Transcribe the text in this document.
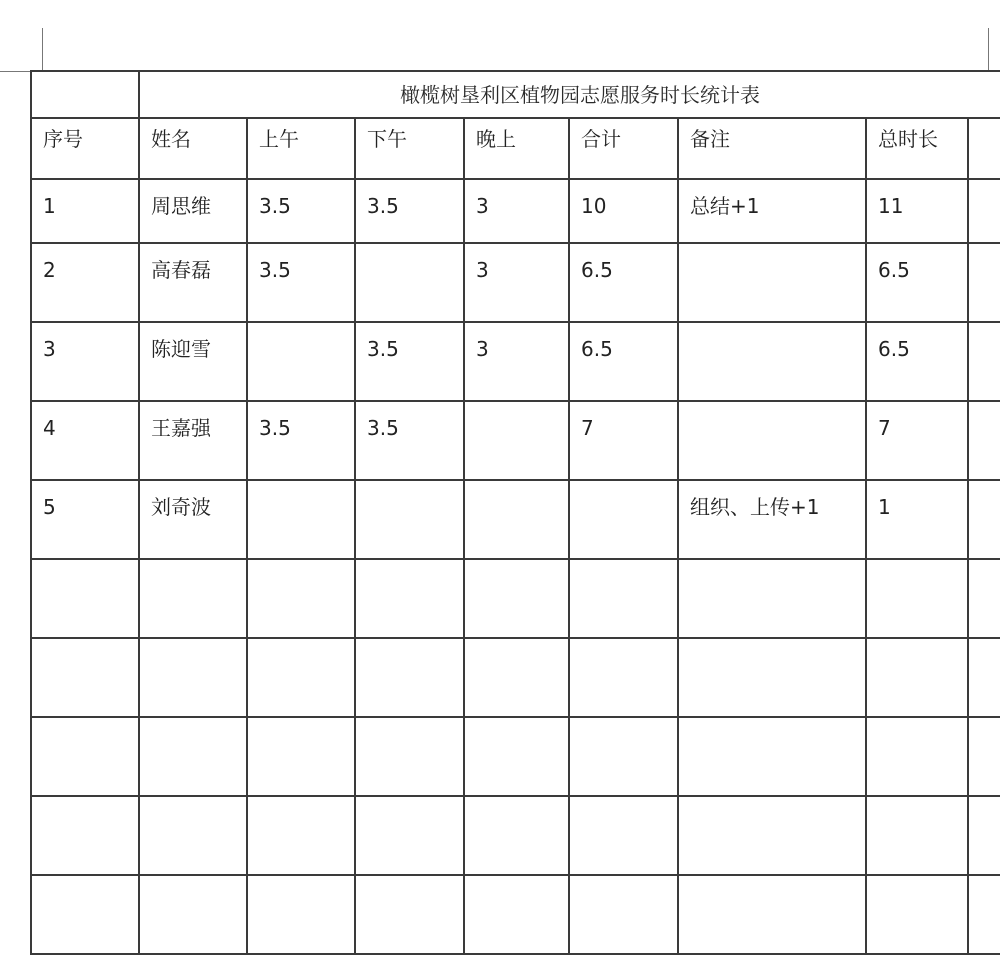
	橄榄树垦利区植物园志愿服务时长统计表							
序号	姓名	上午	下午	晚上	合计	备注	总时长	
1	周思维	3.5	3.5	3	10	总结+1	11	
2	高春磊	3.5		3	6.5		6.5	
3	陈迎雪		3.5	3	6.5		6.5	
4	王嘉强	3.5	3.5		7		7	
5	刘奇波					组织、上传+1	1	
